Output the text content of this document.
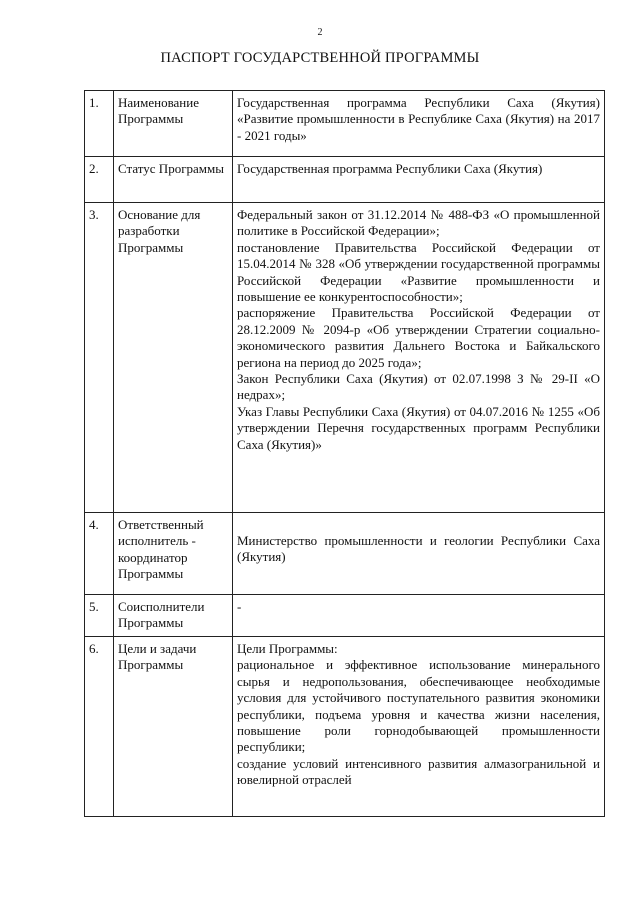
2
ПАСПОРТ ГОСУДАРСТВЕННОЙ ПРОГРАММЫ
1.	Наименование Программы	Государственная программа Республики Саха (Якутия) «Развитие промышленности в Республике Саха (Якутия) на 2017 - 2021 годы»

2.	Статус Программы	Государственная программа Республики Саха (Якутия)

3.	Основание для разработки Программы	Федеральный закон от 31.12.2014 № 488-ФЗ «О промышленной политике в Российской Федерации»;
постановление Правительства Российской Федерации от 15.04.2014 № 328 «Об утверждении государственной программы Российской Федерации «Развитие промышленности и повышение ее конкурентоспособности»;
распоряжение Правительства Российской Федерации от 28.12.2009 № 2094-р «Об утверждении Стратегии социально-экономического развития Дальнего Востока и Байкальского региона на период до 2025 года»;
Закон Республики Саха (Якутия) от 02.07.1998 З № 29-II «О недрах»;
Указ Главы Республики Саха (Якутия) от 04.07.2016 № 1255 «Об утверждении Перечня государственных программ Республики Саха (Якутия)»

4.	Ответственный исполнитель - координатор Программы	Министерство промышленности и геологии Республики Саха (Якутия)

5.	Соисполнители Программы	-

6.	Цели и задачи Программы	Цели Программы:
рациональное и эффективное использование минерального сырья и недропользования, обеспечивающее необходимые условия для устойчивого поступательного развития экономики республики, подъема уровня и качества жизни населения, повышение роли горнодобывающей промышленности республики;
создание условий интенсивного развития алмазогранильной и ювелирной отраслей
